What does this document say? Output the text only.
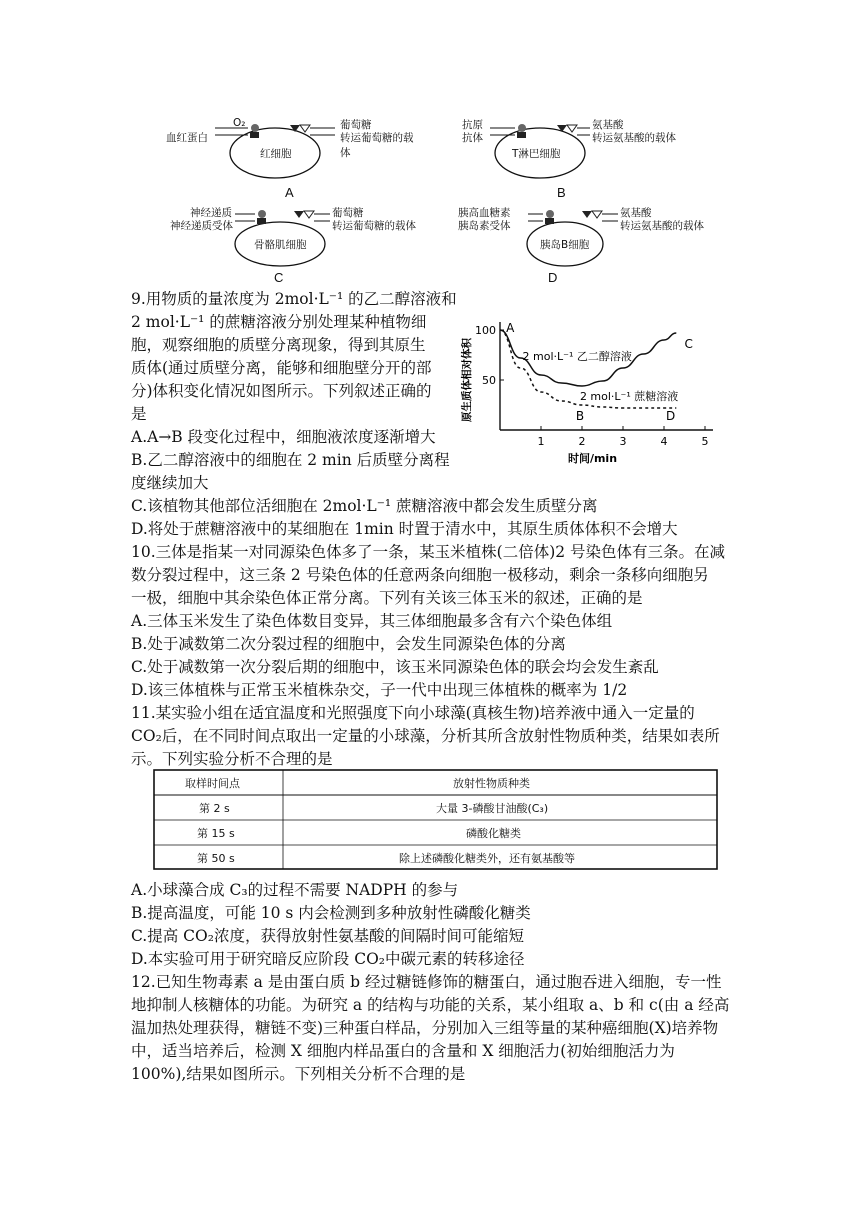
O₂
血红蛋白
葡萄糖
转运葡萄糖的载体
红细胞
A
抗原
抗体
氨基酸
转运氨基酸的载体
T淋巴细胞
B
神经递质
神经递质受体
葡萄糖
转运葡萄糖的载体
骨骼肌细胞
C
胰高血糖素
胰岛素受体
氨基酸
转运氨基酸的载体
胰岛B细胞
D
9.用物质的量浓度为 2mol·L⁻¹ 的乙二醇溶液和
2 mol·L⁻¹ 的蔗糖溶液分别处理某种植物细
胞，观察细胞的质壁分离现象，得到其原生
质体(通过质壁分离，能够和细胞壁分开的部
分)体积变化情况如图所示。下列叙述正确的
是
A.A→B 段变化过程中，细胞液浓度逐渐增大
B.乙二醇溶液中的细胞在 2 min 后质壁分离程
度继续加大
C.该植物其他部位活细胞在 2mol·L⁻¹ 蔗糖溶液中都会发生质壁分离
D.将处于蔗糖溶液中的某细胞在 1min 时置于清水中，其原生质体体积不会增大
1	2	3	4	5
50
100
时间/min
原生质体相对体积	2 mol·L⁻¹ 乙二醇溶液
2 mol·L⁻¹ 蔗糖溶液
A
B
C
D
10.三体是指某一对同源染色体多了一条，某玉米植株(二倍体)2 号染色体有三条。在减
数分裂过程中，这三条 2 号染色体的任意两条向细胞一极移动，剩余一条移向细胞另
一极，细胞中其余染色体正常分离。下列有关该三体玉米的叙述，正确的是
A.三体玉米发生了染色体数目变异，其三体细胞最多含有六个染色体组
B.处于减数第二次分裂过程的细胞中，会发生同源染色体的分离
C.处于减数第一次分裂后期的细胞中，该玉米同源染色体的联会均会发生紊乱
D.该三体植株与正常玉米植株杂交，子一代中出现三体植株的概率为 1/2
11.某实验小组在适宜温度和光照强度下向小球藻(真核生物)培养液中通入一定量的
CO₂后，在不同时间点取出一定量的小球藻，分析其所含放射性物质种类，结果如表所
示。下列实验分析不合理的是
取样时间点	放射性物质种类
第 2 s	大量 3-磷酸甘油酸(C₃)
第 15 s	磷酸化糖类
第 50 s	除上述磷酸化糖类外，还有氨基酸等
A.小球藻合成 C₃的过程不需要 NADPH 的参与
B.提高温度，可能 10 s 内会检测到多种放射性磷酸化糖类
C.提高 CO₂浓度，获得放射性氨基酸的间隔时间可能缩短
D.本实验可用于研究暗反应阶段 CO₂中碳元素的转移途径
12.已知生物毒素 a 是由蛋白质 b 经过糖链修饰的糖蛋白，通过胞吞进入细胞，专一性
地抑制人核糖体的功能。为研究 a 的结构与功能的关系，某小组取 a、b 和 c(由 a 经高
温加热处理获得，糖链不变)三种蛋白样品，分别加入三组等量的某种癌细胞(X)培养物
中，适当培养后，检测 X 细胞内样品蛋白的含量和 X 细胞活力(初始细胞活力为
100%),结果如图所示。下列相关分析不合理的是
